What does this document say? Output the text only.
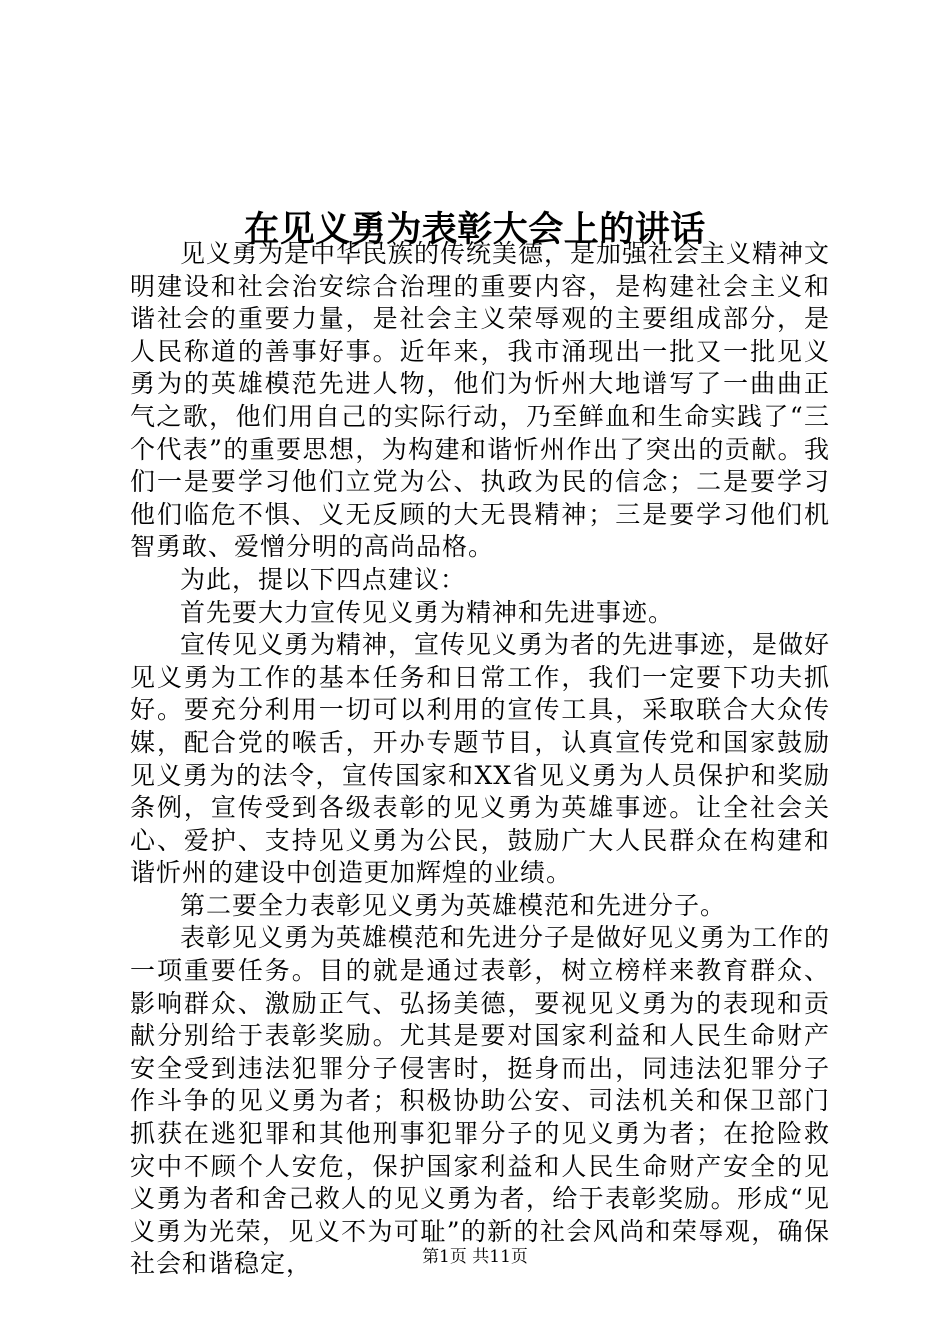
在见义勇为表彰大会上的讲话

见义勇为是中华民族的传统美德，是加强社会主义精神文明建设和社会治安综合治理的重要内容，是构建社会主义和谐社会的重要力量，是社会主义荣辱观的主要组成部分，是人民称道的善事好事。近年来，我市涌现出一批又一批见义勇为的英雄模范先进人物，他们为忻州大地谱写了一曲曲正气之歌，他们用自己的实际行动，乃至鲜血和生命实践了“三个代表”的重要思想，为构建和谐忻州作出了突出的贡献。我们一是要学习他们立党为公、执政为民的信念；二是要学习他们临危不惧、义无反顾的大无畏精神；三是要学习他们机智勇敢、爱憎分明的高尚品格。

为此，提以下四点建议：

首先要大力宣传见义勇为精神和先进事迹。

宣传见义勇为精神，宣传见义勇为者的先进事迹，是做好见义勇为工作的基本任务和日常工作，我们一定要下功夫抓好。要充分利用一切可以利用的宣传工具，采取联合大众传媒，配合党的喉舌，开办专题节目，认真宣传党和国家鼓励见义勇为的法令，宣传国家和XX省见义勇为人员保护和奖励条例，宣传受到各级表彰的见义勇为英雄事迹。让全社会关心、爱护、支持见义勇为公民，鼓励广大人民群众在构建和谐忻州的建设中创造更加辉煌的业绩。

第二要全力表彰见义勇为英雄模范和先进分子。

表彰见义勇为英雄模范和先进分子是做好见义勇为工作的一项重要任务。目的就是通过表彰，树立榜样来教育群众、影响群众、激励正气、弘扬美德，要视见义勇为的表现和贡献分别给于表彰奖励。尤其是要对国家利益和人民生命财产安全受到违法犯罪分子侵害时，挺身而出，同违法犯罪分子作斗争的见义勇为者；积极协助公安、司法机关和保卫部门抓获在逃犯罪和其他刑事犯罪分子的见义勇为者；在抢险救灾中不顾个人安危，保护国家利益和人民生命财产安全的见义勇为者和舍己救人的见义勇为者，给于表彰奖励。形成“见义勇为光荣，见义不为可耻”的新的社会风尚和荣辱观，确保社会和谐稳定，	第1页 共11页
